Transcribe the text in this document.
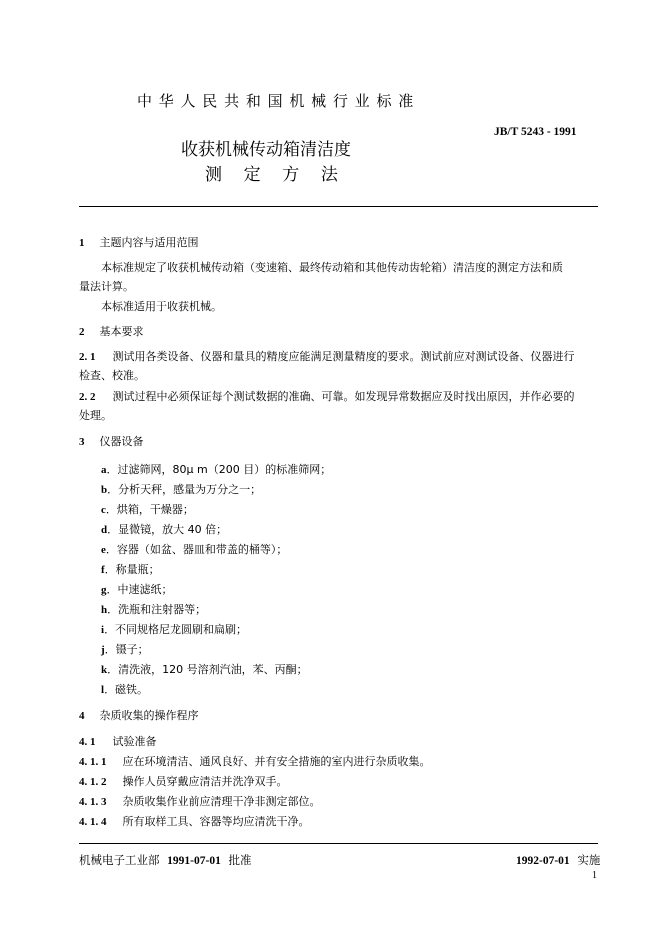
中 华 人 民 共 和 国 机 械 行 业 标 准
JB/T 5243 - 1991
收获机械传动箱清洁度
测    定    方    法
1 主题内容与适用范围
本标准规定了收获机械传动箱（变速箱、最终传动箱和其他传动齿轮箱）清洁度的测定方法和质
量法计算。
本标准适用于收获机械。
2 基本要求
2. 1 测试用各类设备、仪器和量具的精度应能满足测量精度的要求。测试前应对测试设备、仪器进行
检查、校准。
2. 2 测试过程中必须保证每个测试数据的准确、可靠。如发现异常数据应及时找出原因，并作必要的
处理。
3 仪器设备
a．过滤筛网，80μ m（200 目）的标准筛网；
b．分析天秤，感量为万分之一；
c．烘箱，干燥器；
d．显微镜，放大 40 倍；
e．容器（如盆、器皿和带盖的桶等）；
f．称量瓶；
g．中速滤纸；
h．洗瓶和注射器等；
i．不同规格尼龙圆刷和扁刷；
j．镊子；
k．清洗液，120 号溶剂汽油，苯、丙酮；
l．磁铁。
4 杂质收集的操作程序
4. 1 试验准备
4. 1. 1 应在环境清洁、通风良好、并有安全措施的室内进行杂质收集。
4. 1. 2 操作人员穿戴应清洁并洗净双手。
4. 1. 3 杂质收集作业前应清理干净非测定部位。
4. 1. 4 所有取样工具、容器等均应清洗干净。
机械电子工业部 1991-07-01 批准	1992-07-01 实施
1
